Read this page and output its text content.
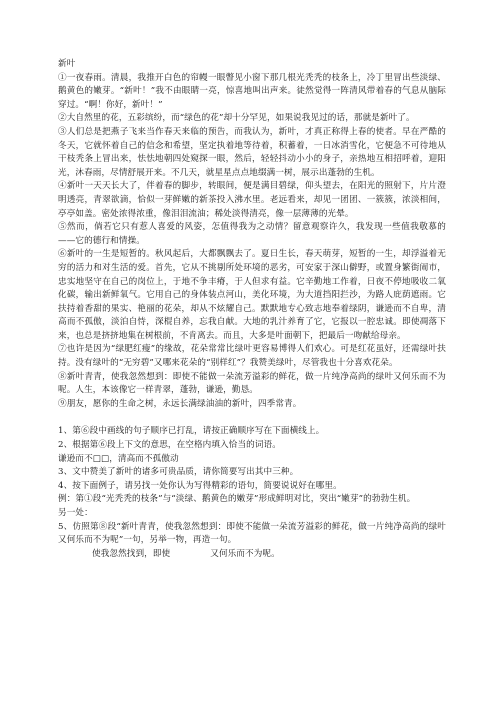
新叶

①一夜春雨。清晨，我推开白色的帘幔一眼瞥见小窗下那几根光秃秃的枝条上，冷丁里冒出些淡绿、鹅黄色的嫩芽。“新叶！”我不由眼睛一亮，惊喜地叫出声来。徒然觉得一阵清风带着春的气息从脑际穿过。“啊！你好，新叶！”

②大自然里的花，五彩缤纷，而“绿色的花”却十分罕见，如果说我见过的话，那就是新叶了。

③人们总是把燕子飞来当作春天来临的预告，而我认为，新叶，才真正称得上春的使者。早在严酷的冬天，它就怀着自己的信念和希望，坚定执着地等待着，积蓄着，一日冰消雪化，它便急不可待地从干枝秃条上冒出来，怯怯地朝四处窥探一眼，然后，轻轻抖动小小的身子，亲热地互相招呼着，迎阳光，沐春雨，尽情舒展开来。不几天，就星星点点地缀满一树，展示出蓬勃的生机。

④新叶一天天长大了，伴着春的脚步，转眼间，便是满目碧绿，仰头望去，在阳光的照射下，片片澄明透亮，青翠欲滴，恰似一芽鲜嫩的新茶投入沸水里。老远看来，却见一团团、一簇簇，浓淡相间，亭亭如盖。密处浓得浓重，像泪泪流油；稀处淡得清亮，像一层薄薄的光晕。

⑤然而，倘若它只有惹人喜爱的风姿，怎值得我为之动情？留意观察许久，我发现一些值我敬慕的——它的德行和情操。

⑥新叶的一生是短暂的。秋风起后，大都飘飘去了。夏日生长，春天萌芽，短暂的一生，却浮溢着无穷的活力和对生活的爱。首先，它从不挑剔所处环境的恶劣，可安家于深山僻野，或置身繁街闹市，忠实地坚守在自己的岗位上，于地不争丰瘠，于人但求有益。它辛勤地工作着，日夜不停地吸收二氧化碳，输出新鲜氧气。它用自己的身体装点河山，美化环境，为大道挡阳拦沙，为路人庇荫遮雨。它扶持着香甜的果实、艳丽的花朵，却从不炫耀自己。默默地专心致志地奉着绿阴，谦逊而不自卑，清高而不孤傲，淡泊自恃，深棍自养，忘我自献。大地的乳汁养育了它，它报以一腔忠诚。即使凋落下来，也总是挤挤地集在树根前，不肯离去。而且，大多是叶面朝下，把最后一吻献给母亲。

⑦也许是因为“绿肥红瘦”的缘故，花朵常常比绿叶更容易博得人们欢心。可是红花虽好，还需绿叶扶持。没有绿叶的“无穷碧”又哪来花朵的“别样红”？我赞美绿叶，尽管我也十分喜欢花朵。

⑧新叶青青，使我忽然想到：即使不能做一朵流芳溢彩的鲜花，做一片纯净高尚的绿叶又何乐而不为呢。人生，本该像它一样青翠，蓬勃，谦逊，勤恳。

⑨朋友，愿你的生命之树，永远长满绿油油的新叶，四季常青。

1、第⑥段中画线的句子顺序已打乱，请按正确顺序写在下面横线上。

2、根据第⑥段上下文的意思，在空格内填入恰当的词语。

谦逊而不□□，清高而不孤傲动

3、文中赞美了新叶的诸多可贵品质，请你简要写出其中三种。

4、按下面例子，请另找一处你认为写得精彩的语句，简要说说好在哪里。

例：第①段“光秃秃的枝条”与“淡绿、鹅黄色的嫩芽”形成鲜明对比，突出“嫩芽”的勃勃生机。

另一处：

5、仿照第⑧段“新叶青青，使我忽然想到：即使不能做一朵流芳溢彩的鲜花，做一片纯净高尚的绿叶又何乐而不为呢”一句，另举一物，再造一句。

使我忽然找到，即使	又何乐而不为呢。
